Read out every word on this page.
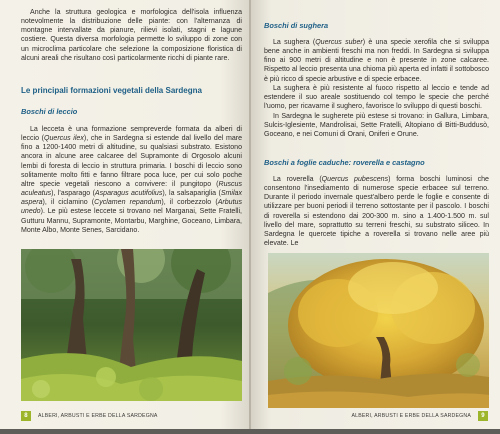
Anche la struttura geologica e morfologica dell'isola influenza notevolmente la distribuzione delle piante: con l'alternanza di montagne intervallate da pianure, rilievi isolati, stagni e lagune costiere. Questa diversa morfologia permette lo sviluppo di zone con un microclima particolare che selezione la composizione floristica di alcuni areali che risultano così particolarmente ricchi di piante rare.

Le principali formazioni vegetali della Sardegna

Boschi di leccio

La lecceta è una formazione sempreverde formata da alberi di leccio (Quercus ilex), che in Sardegna si estende dal livello del mare fino a 1200-1400 metri di altitudine, su qualsiasi substrato. Esistono ancora in alcune aree calcaree del Supramonte di Orgosolo alcuni lembi di foresta di leccio in struttura primaria. I boschi di leccio sono solitamente molto fitti e fanno filtrare poca luce, per cui solo poche altre specie vegetali riescono a convivere: il pungitopo (Ruscus aculeatus), l'asparago (Asparagus acutifolius), la salsapariglia (Smilax aspera), il ciclamino (Cyclamen repandum), il corbezzolo (Arbutus unedo). Le più estese leccete si trovano nel Marganai, Sette Fratelli, Gutturu Mannu, Supramonte, Montarbu, Marghine, Goceano, Limbara, Monte Albo, Monte Senes, Sarcidano.

8	ALBERI, ARBUSTI E ERBE DELLA SARDEGNA

Boschi di sughera

La sughera (Quercus suber) è una specie xerofila che si sviluppa bene anche in ambienti freschi ma non freddi. In Sardegna si sviluppa fino ai 900 metri di altitudine e non è presente in zone calcaree. Rispetto al leccio presenta una chioma più aperta ed infatti il sottobosco è più ricco di specie arbustive e di specie erbacee.

La sughera è più resistente al fuoco rispetto al leccio e tende ad estendere il suo areale sostituendo col tempo le specie che perché l'uomo, per ricavarne il sughero, favorisce lo sviluppo di questi boschi.

In Sardegna le sugherete più estese si trovano: in Gallura, Limbara, Sulcis-Iglesiente, Mandrolisai, Sette Fratelli, Altopiano di Bitti-Buddusò, Goceano, e nei Comuni di Orani, Oniferi e Orune.

Boschi a foglie caduche: roverella e castagno

La roverella (Quercus pubescens) forma boschi luminosi che consentono l'insediamento di numerose specie erbacee sul terreno. Durante il periodo invernale quest'albero perde le foglie e consente di utilizzare per buoni periodi il terreno sottostante per il pascolo. I boschi di roverella si estendono dai 200-300 m. sino a 1.400-1.500 m. sul livello del mare, soprattutto su terreni freschi, su substrato siliceo. In Sardegna le quercete tipiche a roverella si trovano nelle aree più elevate. Le

ALBERI, ARBUSTI E ERBE DELLA SARDEGNA	9
